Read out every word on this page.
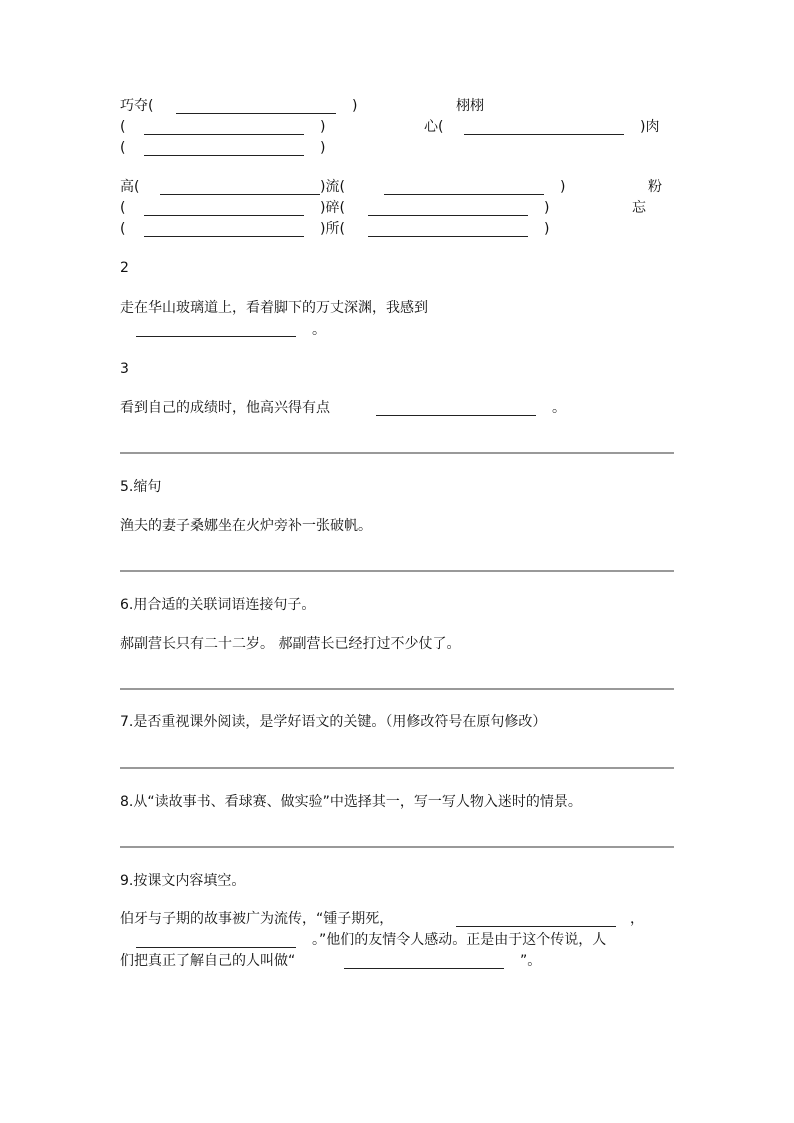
巧夺(	)	栩栩
(	)	心(	)肉
(	)
高(	)流(	)	粉
(	)碎(	)	忘
(	)所(	)
2
走在华山玻璃道上，看着脚下的万丈深渊，我感到
。
3
看到自己的成绩时，他高兴得有点	。
5.缩句
渔夫的妻子桑娜坐在火炉旁补一张破帆。
6.用合适的关联词语连接句子。
郝副营长只有二十二岁。 郝副营长已经打过不少仗了。
7.是否重视课外阅读，是学好语文的关键。（用修改符号在原句修改）
8.从“读故事书、看球赛、做实验”中选择其一，写一写人物入迷时的情景。
9.按课文内容填空。
伯牙与子期的故事被广为流传，“锺子期死，	，
。”他们的友情令人感动。正是由于这个传说，人
们把真正了解自己的人叫做“	”。
